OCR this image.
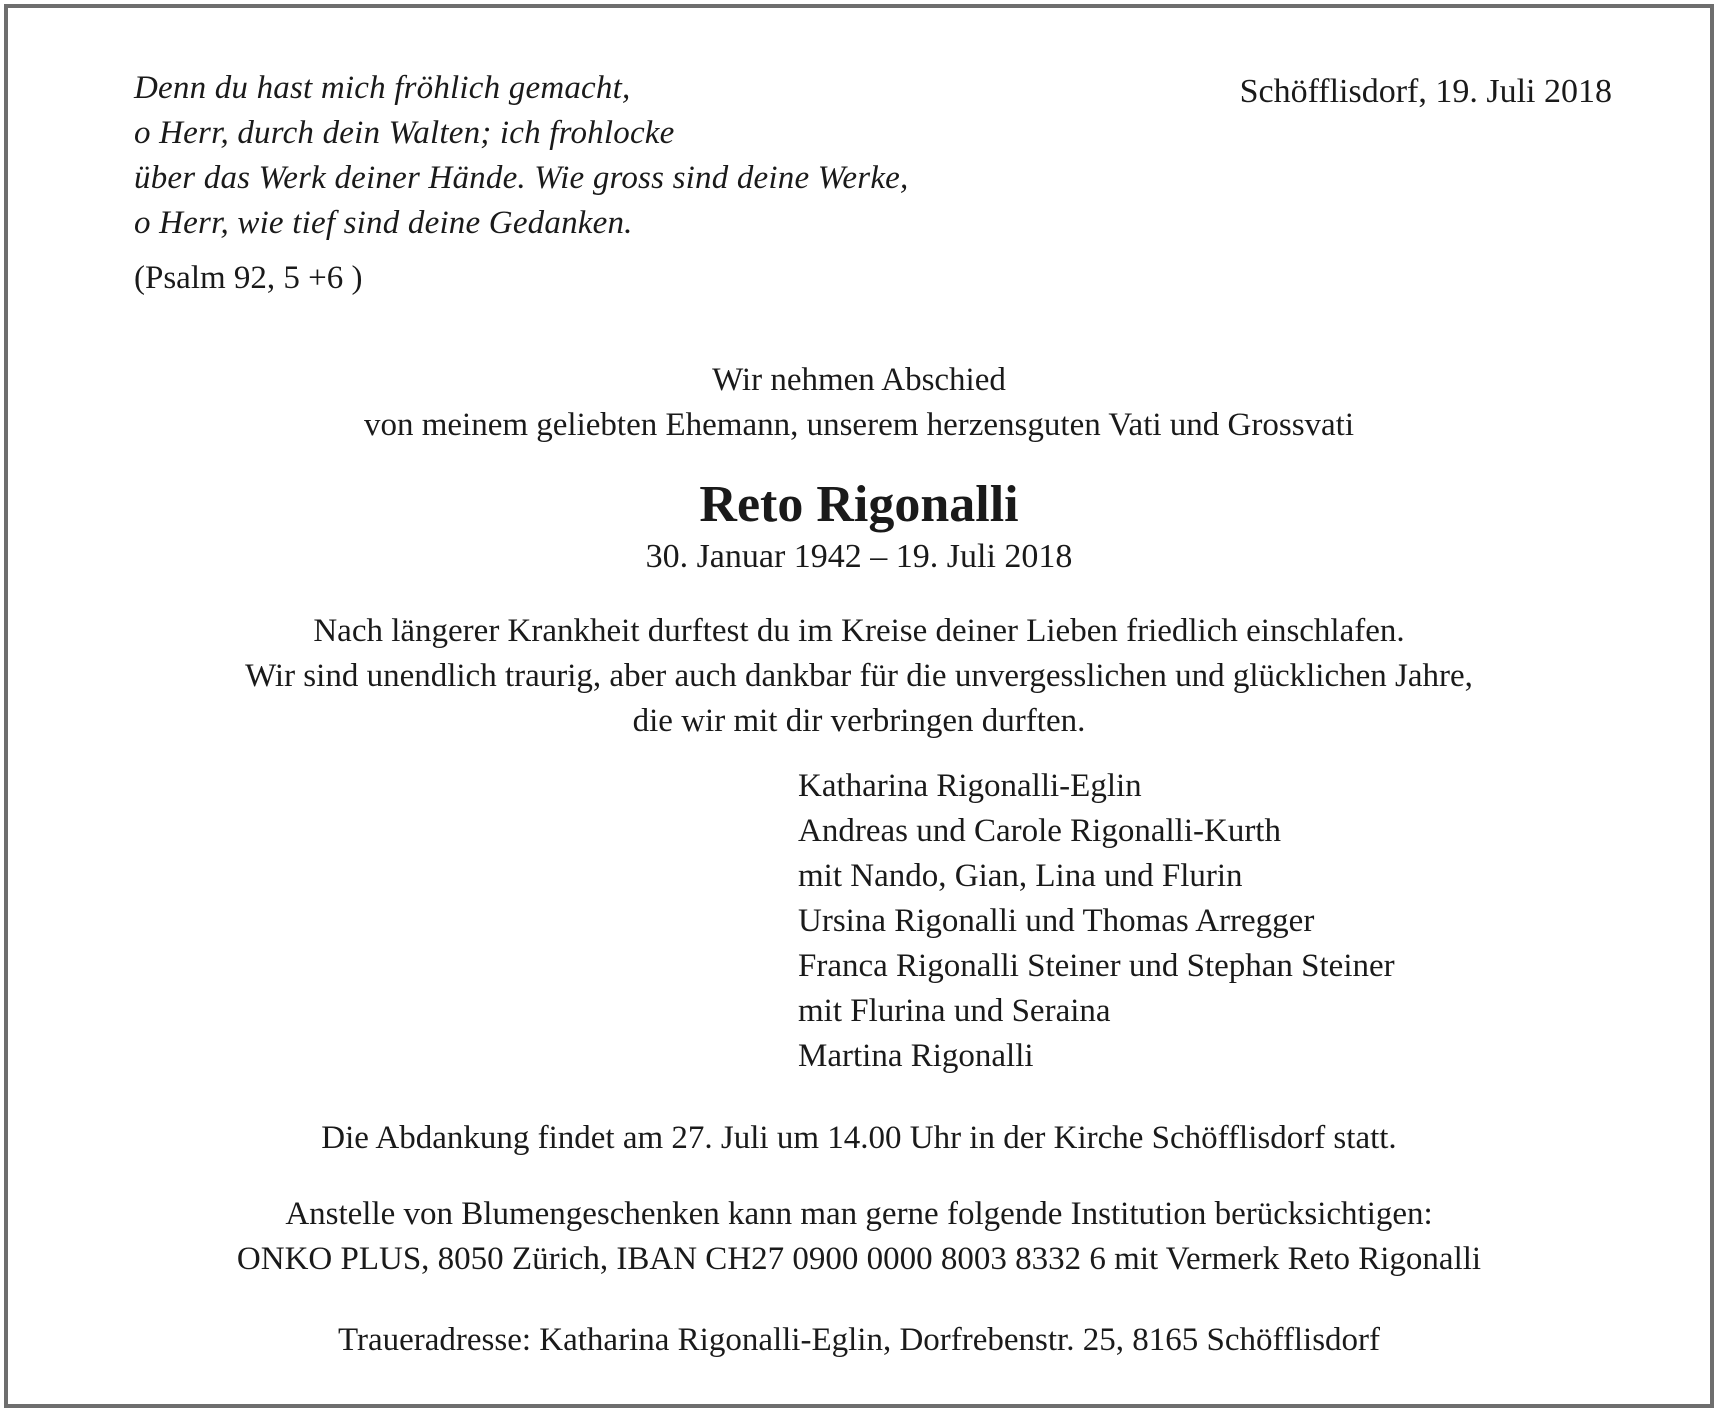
Denn du hast mich fröhlich gemacht,
o Herr, durch dein Walten; ich frohlocke
über das Werk deiner Hände. Wie gross sind deine Werke,
o Herr, wie tief sind deine Gedanken.
(Psalm 92, 5 +6 )
Schöfflisdorf, 19. Juli 2018
Wir nehmen Abschied
von meinem geliebten Ehemann, unserem herzensguten Vati und Grossvati
Reto Rigonalli
30. Januar 1942 – 19. Juli 2018
Nach längerer Krankheit durftest du im Kreise deiner Lieben friedlich einschlafen.
Wir sind unendlich traurig, aber auch dankbar für die unvergesslichen und glücklichen Jahre,
die wir mit dir verbringen durften.
Katharina Rigonalli-Eglin
Andreas und Carole Rigonalli-Kurth
mit Nando, Gian, Lina und Flurin
Ursina Rigonalli und Thomas Arregger
Franca Rigonalli Steiner und Stephan Steiner
mit Flurina und Seraina
Martina Rigonalli
Die Abdankung findet am 27. Juli um 14.00 Uhr in der Kirche Schöfflisdorf statt.
Anstelle von Blumengeschenken kann man gerne folgende Institution berücksichtigen:
ONKO PLUS, 8050 Zürich, IBAN CH27 0900 0000 8003 8332 6 mit Vermerk Reto Rigonalli
Traueradresse: Katharina Rigonalli-Eglin, Dorfrebenstr. 25, 8165 Schöfflisdorf
